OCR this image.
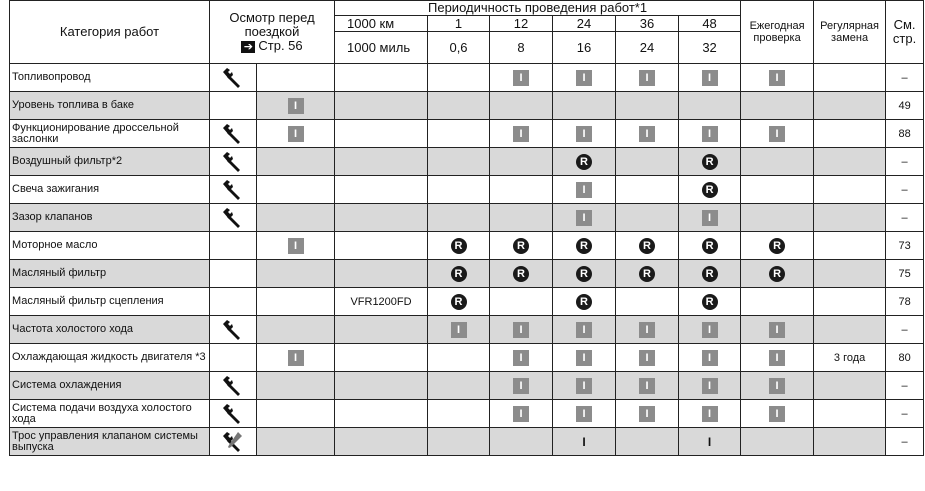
Категория работ	Осмотр перед
поездкой
➔ Стр. 56		Периодичность проведения работ*1						Ежегодная проверка	Регулярная замена	См. стр.
			1000 км	1	12	24	36	48			
			1000 миль	0,6	8	16	24	32			

Топливопровод					I	I	I	I	I		–
Уровень топлива в баке		I									49
Функционирование дроссельной заслонки		I			I	I	I	I	I		88
Воздушный фильтр*2						R		R			–
Свеча зажигания						I		R			–
Зазор клапанов						I		I			–
Моторное масло		I		R	R	R	R	R	R		73
Масляный фильтр				R	R	R	R	R	R		75
Масляный фильтр сцепления			VFR1200FD	R		R		R			78
Частота холостого хода				I	I	I	I	I	I		–
Охлаждающая жидкость двигателя *3		I			I	I	I	I	I	3 года	80
Система охлаждения					I	I	I	I	I		–
Система подачи воздуха холостого хода					I	I	I	I	I		–
Трос управления клапаном системы выпуска						I		I			–
